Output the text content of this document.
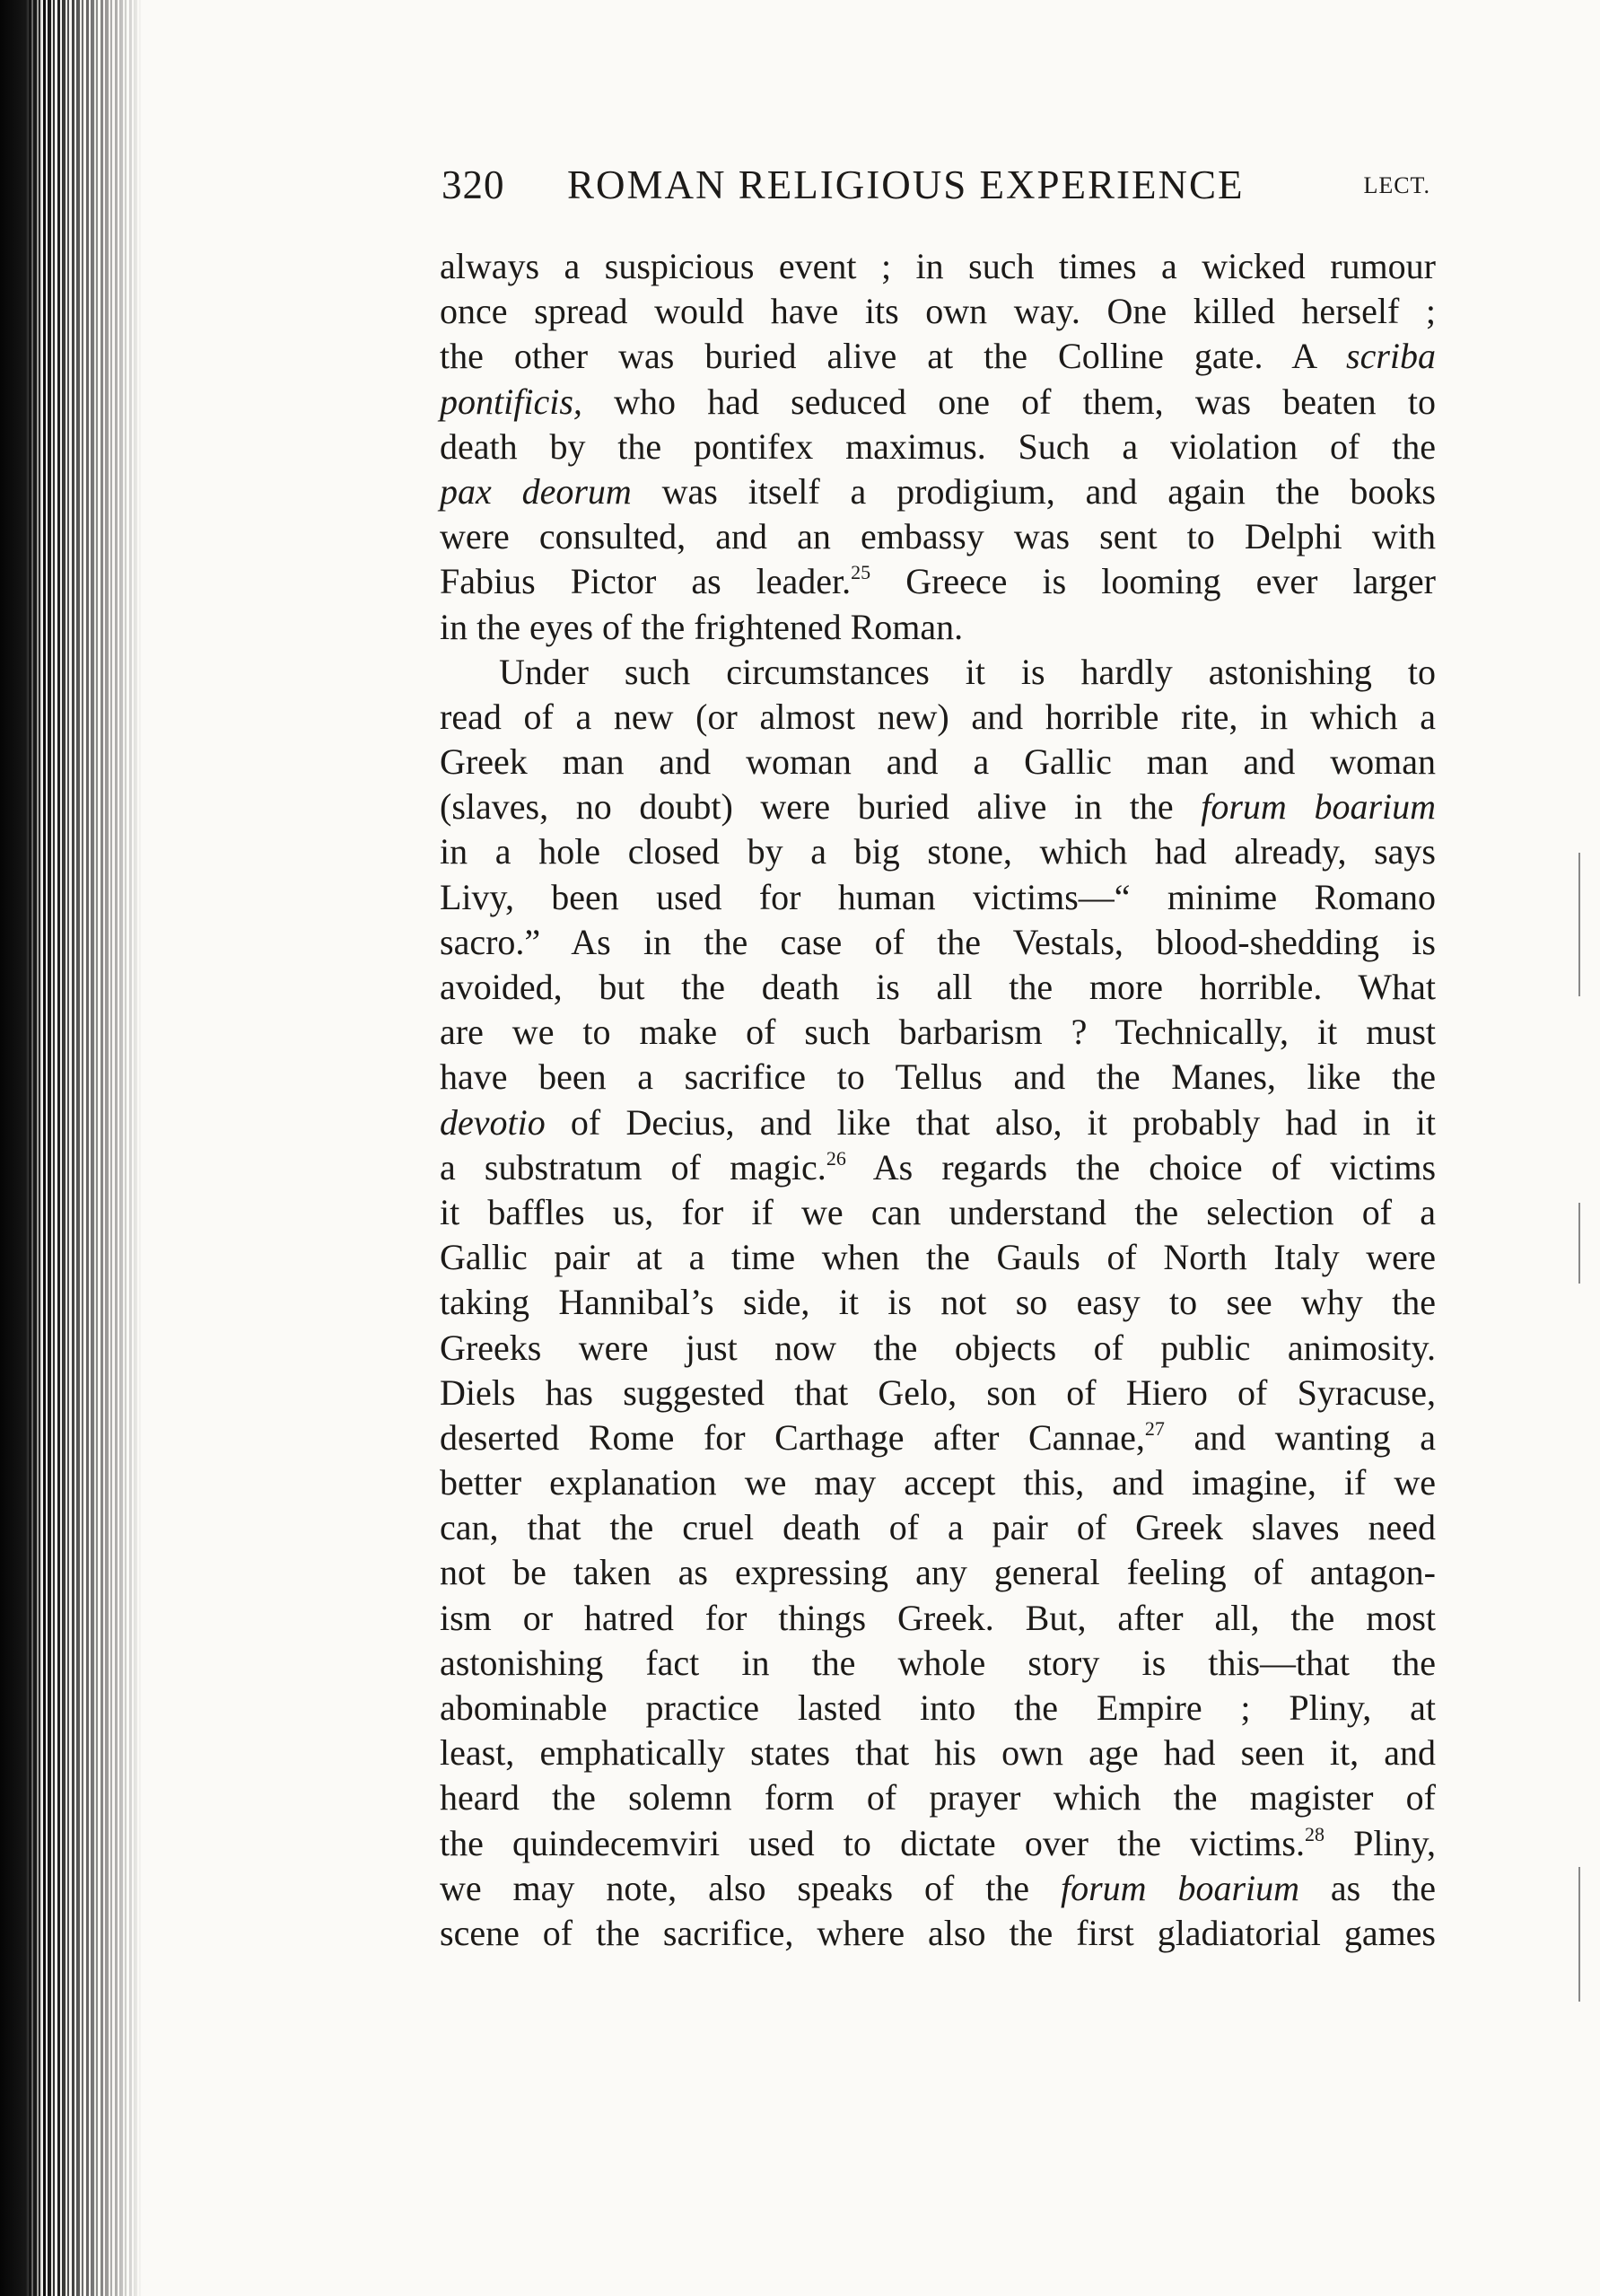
320 ROMAN RELIGIOUS EXPERIENCE	LECT.
always a suspicious event ; in such times a wicked rumour
once spread would have its own way. One killed herself ;
the other was buried alive at the Colline gate. A scriba
pontificis, who had seduced one of them, was beaten to
death by the pontifex maximus. Such a violation of the
pax deorum was itself a prodigium, and again the books
were consulted, and an embassy was sent to Delphi with
Fabius Pictor as leader.$^{25}$ Greece is looming ever larger
in the eyes of the frightened Roman.
Under such circumstances it is hardly astonishing to
read of a new (or almost new) and horrible rite, in which a
Greek man and woman and a Gallic man and woman
(slaves, no doubt) were buried alive in the forum boarium
in a hole closed by a big stone, which had already, says
Livy, been used for human victims—“ minime Romano
sacro.” As in the case of the Vestals, blood-shedding is
avoided, but the death is all the more horrible. What
are we to make of such barbarism ? Technically, it must
have been a sacrifice to Tellus and the Manes, like the
devotio of Decius, and like that also, it probably had in it
a substratum of magic.$^{26}$ As regards the choice of victims
it baffles us, for if we can understand the selection of a
Gallic pair at a time when the Gauls of North Italy were
taking Hannibal’s side, it is not so easy to see why the
Greeks were just now the objects of public animosity.
Diels has suggested that Gelo, son of Hiero of Syracuse,
deserted Rome for Carthage after Cannae,$^{27}$ and wanting a
better explanation we may accept this, and imagine, if we
can, that the cruel death of a pair of Greek slaves need
not be taken as expressing any general feeling of antagon-
ism or hatred for things Greek. But, after all, the most
astonishing fact in the whole story is this—that the
abominable practice lasted into the Empire ; Pliny, at
least, emphatically states that his own age had seen it, and
heard the solemn form of prayer which the magister of
the quindecemviri used to dictate over the victims.$^{28}$ Pliny,
we may note, also speaks of the forum boarium as the
scene of the sacrifice, where also the first gladiatorial games
